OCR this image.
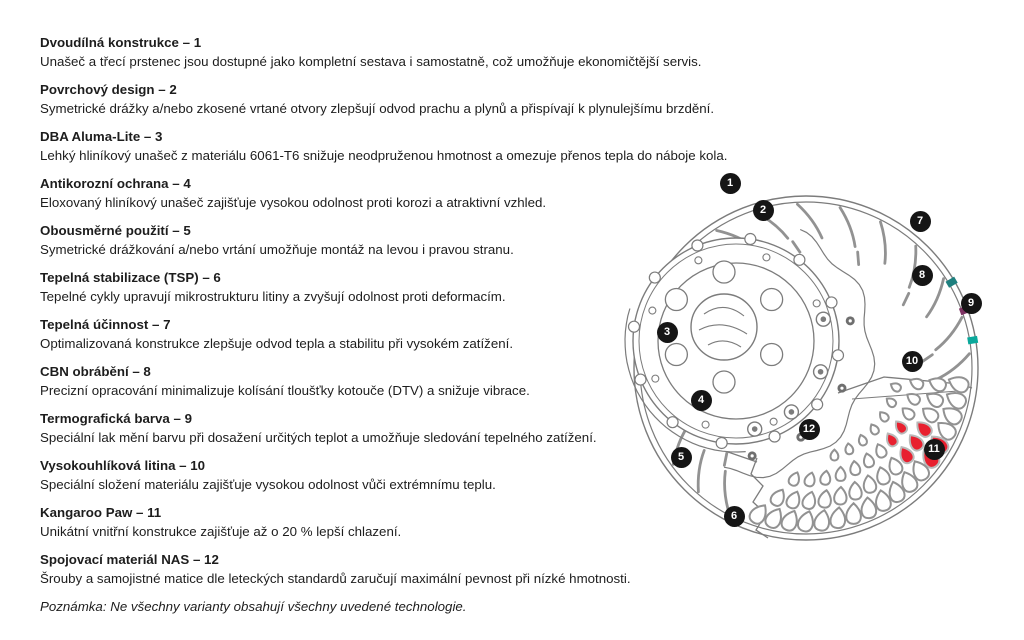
Dvoudílná konstrukce – 1

Unašeč a třecí prstenec jsou dostupné jako kompletní sestava i samostatně, což umožňuje ekonomičtější servis.

Povrchový design – 2

Symetrické drážky a/nebo zkosené vrtané otvory zlepšují odvod prachu a plynů a přispívají k plynulejšímu brzdění.

DBA Aluma-Lite – 3

Lehký hliníkový unašeč z materiálu 6061-T6 snižuje neodpruženou hmotnost a omezuje přenos tepla do náboje kola.

Antikorozní ochrana – 4

Eloxovaný hliníkový unašeč zajišťuje vysokou odolnost proti korozi a atraktivní vzhled.

Obousměrné použití – 5

Symetrické drážkování a/nebo vrtání umožňuje montáž na levou i pravou stranu.

Tepelná stabilizace (TSP) – 6

Tepelné cykly upravují mikrostrukturu litiny a zvyšují odolnost proti deformacím.

Tepelná účinnost – 7

Optimalizovaná konstrukce zlepšuje odvod tepla a stabilitu při vysokém zatížení.

CBN obrábění – 8

Precizní opracování minimalizuje kolísání tloušťky kotouče (DTV) a snižuje vibrace.

Termografická barva – 9

Speciální lak mění barvu při dosažení určitých teplot a umožňuje sledování tepelného zatížení.

Vysokouhlíková litina – 10

Speciální složení materiálu zajišťuje vysokou odolnost vůči extrémnímu teplu.

Kangaroo Paw – 11

Unikátní vnitřní konstrukce zajišťuje až o 20 % lepší chlazení.

Spojovací materiál NAS – 12

Šrouby a samojistné matice dle leteckých standardů zaručují maximální pevnost při nízké hmotnosti.

Poznámka: Ne všechny varianty obsahují všechny uvedené technologie.

1
2
3
4
5
6
7
8
9
10
11
12
